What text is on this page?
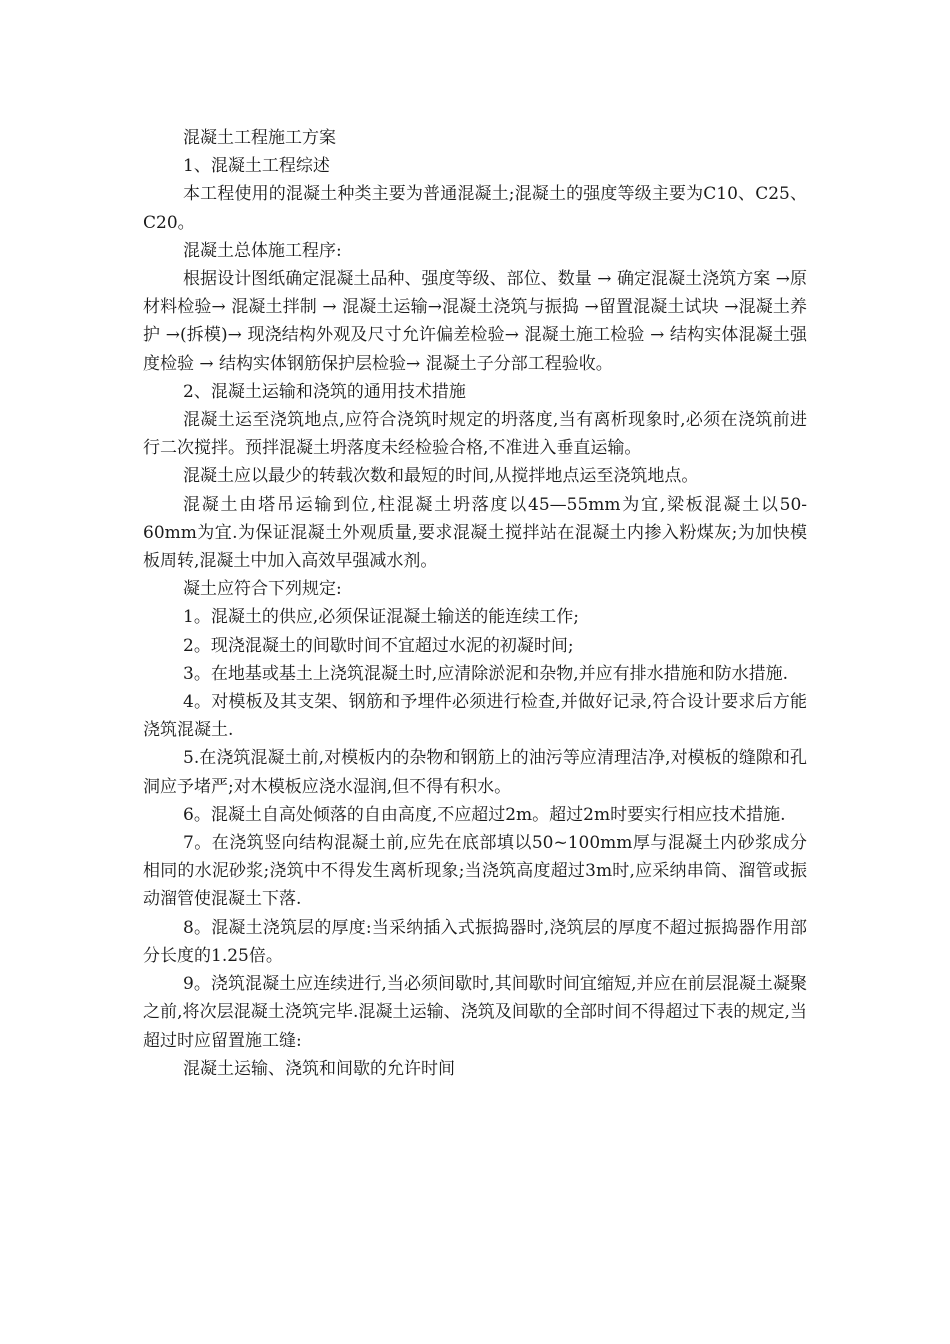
混凝土工程施工方案

1、混凝土工程综述

本工程使用的混凝土种类主要为普通混凝土;混凝土的强度等级主要为C10、C25、C20。

混凝土总体施工程序:

根据设计图纸确定混凝土品种、强度等级、部位、数量 → 确定混凝土浇筑方案 →原材料检验→ 混凝土拌制 → 混凝土运输→混凝土浇筑与振捣 →留置混凝土试块 →混凝土养护 →(拆模)→ 现浇结构外观及尺寸允许偏差检验→ 混凝土施工检验 → 结构实体混凝土强度检验 → 结构实体钢筋保护层检验→ 混凝土子分部工程验收。

2、混凝土运输和浇筑的通用技术措施

混凝土运至浇筑地点,应符合浇筑时规定的坍落度,当有离析现象时,必须在浇筑前进行二次搅拌。预拌混凝土坍落度未经检验合格,不准进入垂直运输。

混凝土应以最少的转载次数和最短的时间,从搅拌地点运至浇筑地点。

混凝土由塔吊运输到位,柱混凝土坍落度以45—55mm为宜,梁板混凝土以50-60mm为宜.为保证混凝土外观质量,要求混凝土搅拌站在混凝土内掺入粉煤灰;为加快模板周转,混凝土中加入高效早强减水剂。

凝土应符合下列规定:

1。混凝土的供应,必须保证混凝土输送的能连续工作;

2。现浇混凝土的间歇时间不宜超过水泥的初凝时间;

3。在地基或基土上浇筑混凝土时,应清除淤泥和杂物,并应有排水措施和防水措施.

4。对模板及其支架、钢筋和予埋件必须进行检查,并做好记录,符合设计要求后方能浇筑混凝土.

5.在浇筑混凝土前,对模板内的杂物和钢筋上的油污等应清理洁净,对模板的缝隙和孔洞应予堵严;对木模板应浇水湿润,但不得有积水。

6。混凝土自高处倾落的自由高度,不应超过2m。超过2m时要实行相应技术措施.

7。在浇筑竖向结构混凝土前,应先在底部填以50~100mm厚与混凝土内砂浆成分相同的水泥砂浆;浇筑中不得发生离析现象;当浇筑高度超过3m时,应采纳串筒、溜管或振动溜管使混凝土下落.

8。混凝土浇筑层的厚度:当采纳插入式振捣器时,浇筑层的厚度不超过振捣器作用部分长度的1.25倍。

9。浇筑混凝土应连续进行,当必须间歇时,其间歇时间宜缩短,并应在前层混凝土凝聚之前,将次层混凝土浇筑完毕.混凝土运输、浇筑及间歇的全部时间不得超过下表的规定,当超过时应留置施工缝:

混凝土运输、浇筑和间歇的允许时间
